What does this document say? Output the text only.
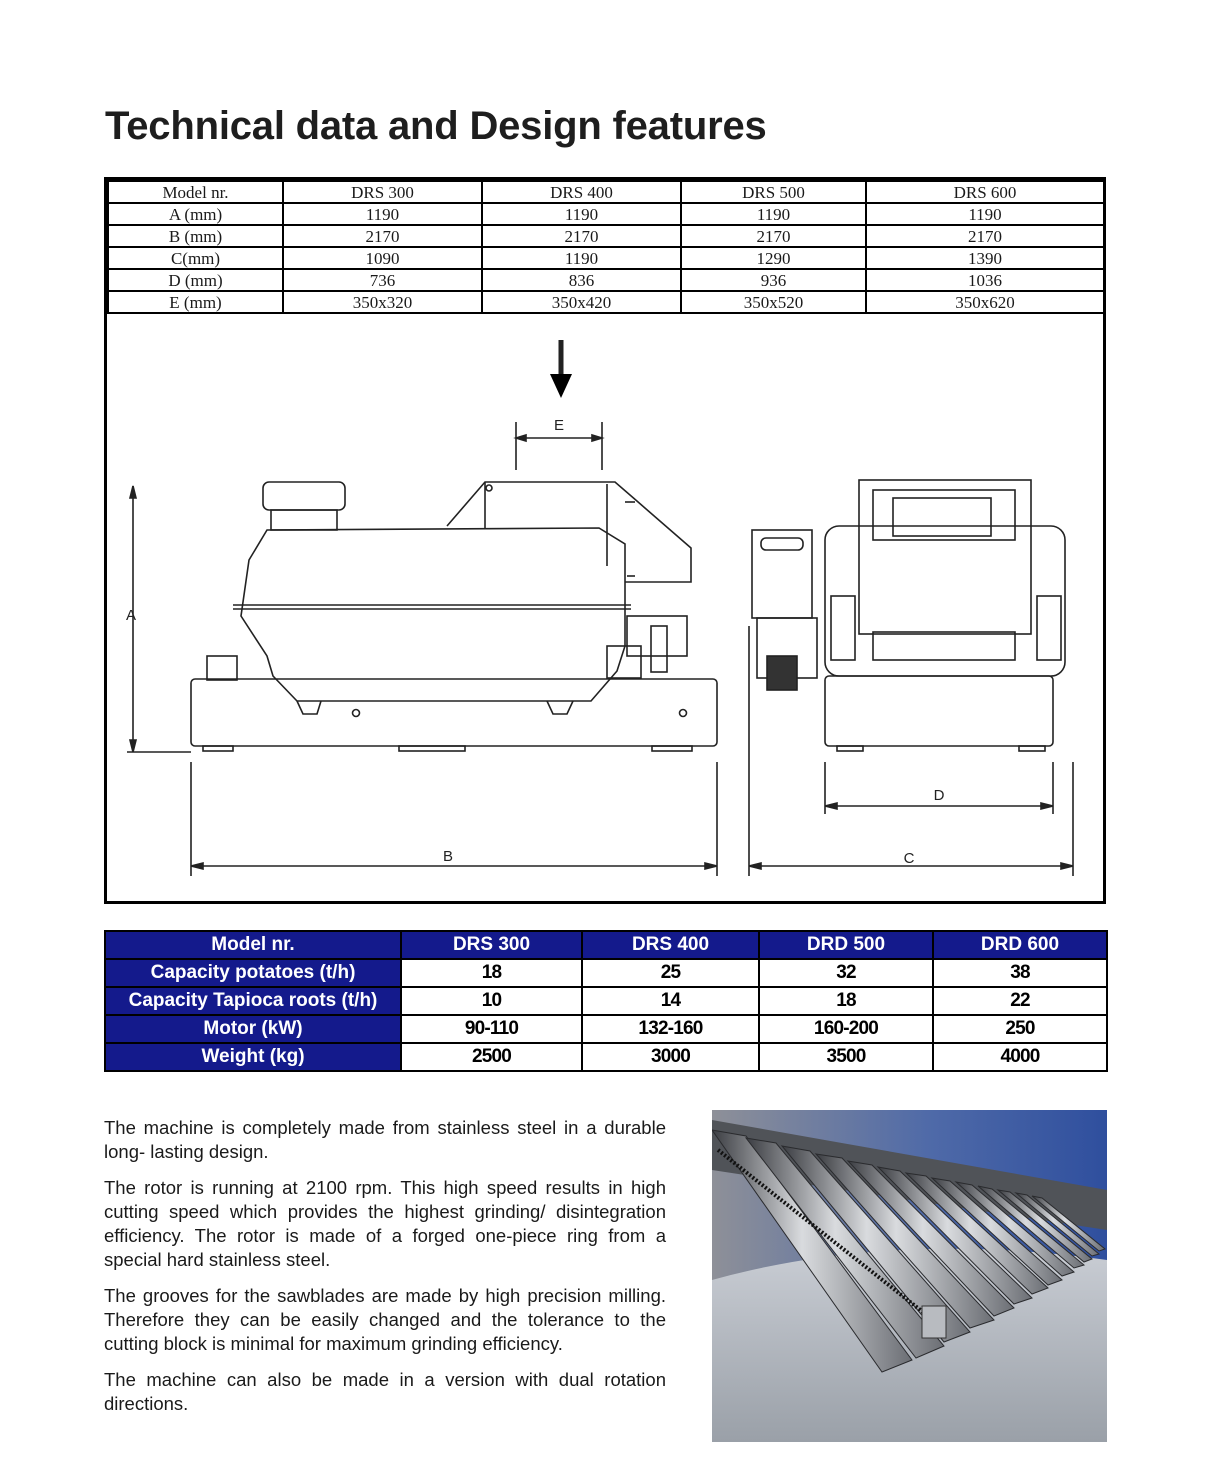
Technical data and Design features
Model nr.	DRS 300	DRS 400	DRS 500	DRS 600
A (mm)	1190	1190	1190	1190
B (mm)	2170	2170	2170	2170
C(mm)	1090	1190	1290	1390
D (mm)	736	836	936	1036
E (mm)	350x320	350x420	350x520	350x620
E
A
B
D
C
Model nr.	DRS 300	DRS 400	DRD 500	DRD 600
Capacity potatoes (t/h)	18	25	32	38
Capacity Tapioca roots (t/h)	10	14	18	22
Motor (kW)	90-110	132-160	160-200	250
Weight (kg)	2500	3000	3500	4000

The machine is completely made from stainless steel in a durable long- lasting design.

The rotor is running at 2100 rpm. This high speed results in high cutting speed which provides the highest grinding/ disintegration efficiency. The rotor is made of a forged one-piece ring from a special hard stainless steel.

The grooves for the sawblades are made by high precision milling. Therefore they can be easily changed and the tolerance to the cutting block is minimal for maximum grinding efficiency.

The machine can also be made in a version with dual rotation directions.
